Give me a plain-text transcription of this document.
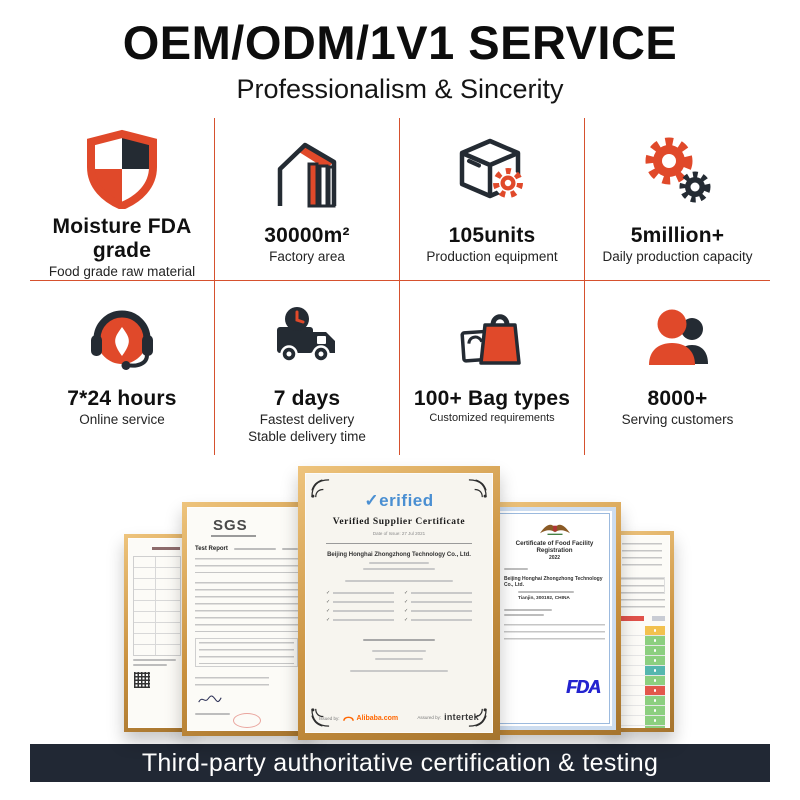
OEM/ODM/1V1 SERVICE
Professionalism & Sincerity
Moisture FDA grade
Food grade raw material
30000m²
Factory area
105units
Production equipment
5million+
Daily production capacity
7*24 hours
Online service
7 days
Fastest delivery
Stable delivery time
100+ Bag types
Customized requirements
8000+
Serving customers
SGS
Test Report
✓erified
Verified Supplier Certificate
Date of Issue: 27 Jul 2021
Beijing Honghai Zhongzhong Technology Co., Ltd.
✓
✓
✓
✓
✓
✓
✓
✓
Issued by: Alibaba.com	Assured by: intertek
Certificate of Food Facility Registration
2022
Beijing Honghai Zhongzhong Technology Co., Ltd.
Tianjin, 300192, CHINA
FDA
Third-party authoritative certification & testing
